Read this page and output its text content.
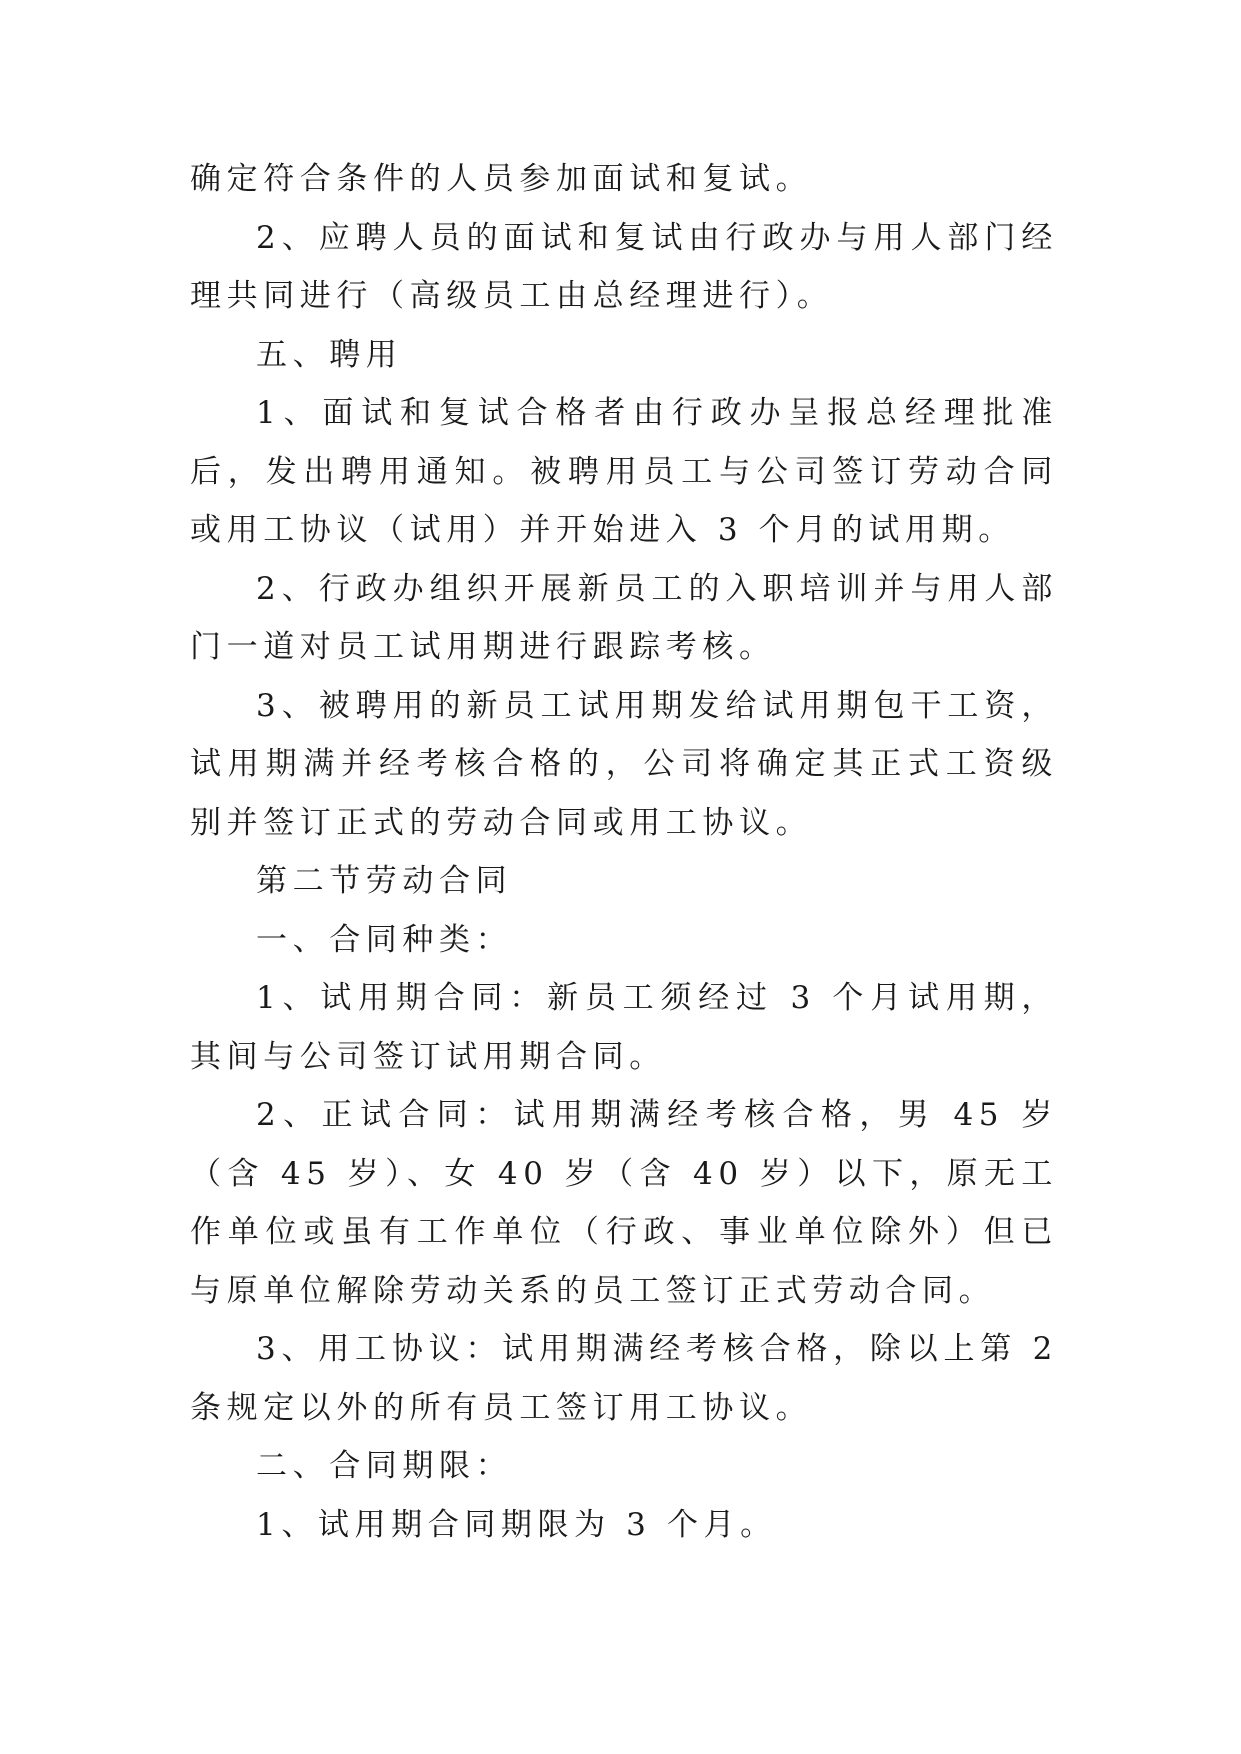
确定符合条件的人员参加面试和复试。

2、应聘人员的面试和复试由行政办与用人部门经理共同进行（高级员工由总经理进行）。

五、聘用

1、面试和复试合格者由行政办呈报总经理批准后，发出聘用通知。被聘用员工与公司签订劳动合同或用工协议（试用）并开始进入 3 个月的试用期。

2、行政办组织开展新员工的入职培训并与用人部门一道对员工试用期进行跟踪考核。

3、被聘用的新员工试用期发给试用期包干工资，试用期满并经考核合格的，公司将确定其正式工资级别并签订正式的劳动合同或用工协议。

第二节劳动合同

一、合同种类：

1、试用期合同：新员工须经过 3 个月试用期，其间与公司签订试用期合同。

2、正试合同：试用期满经考核合格，男 45 岁（含 45 岁）、女 40 岁（含 40 岁）以下，原无工作单位或虽有工作单位（行政、事业单位除外）但已与原单位解除劳动关系的员工签订正式劳动合同。

3、用工协议：试用期满经考核合格，除以上第 2 条规定以外的所有员工签订用工协议。

二、合同期限：

1、试用期合同期限为 3 个月。
